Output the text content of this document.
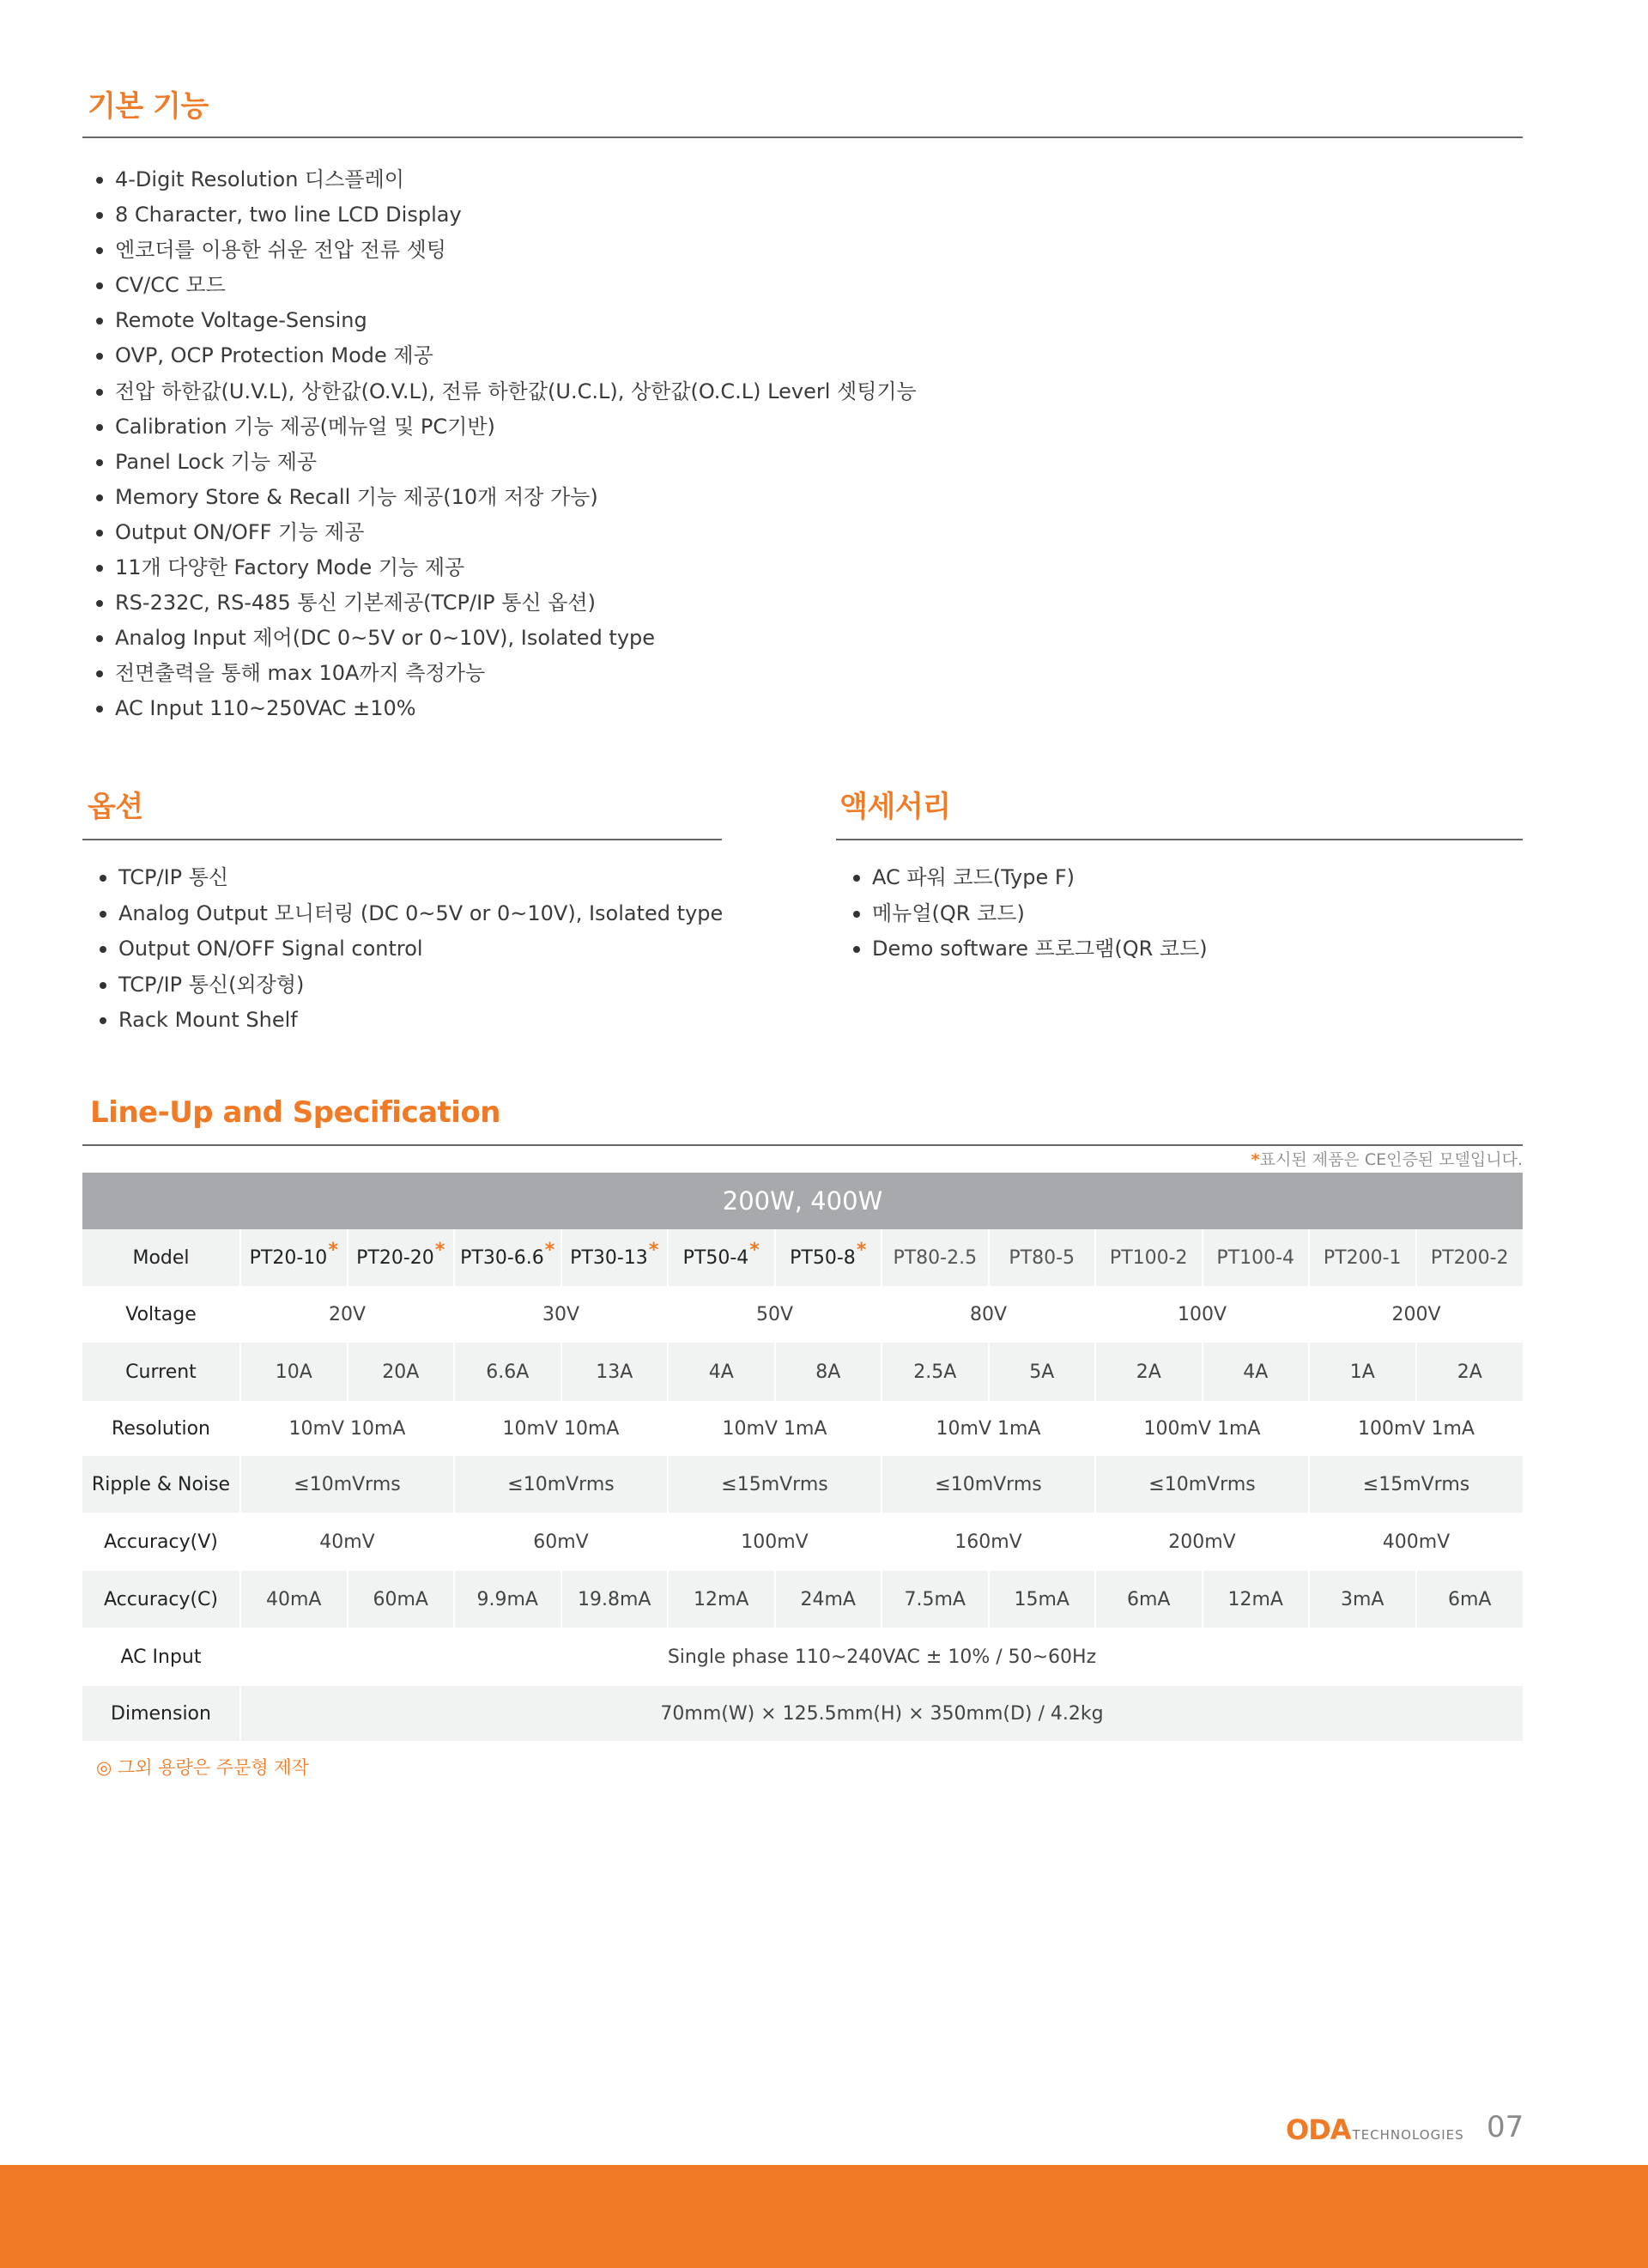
기본 기능
4-Digit Resolution 디스플레이
8 Character, two line LCD Display
엔코더를 이용한 쉬운 전압 전류 셋팅
CV/CC 모드
Remote Voltage-Sensing
OVP, OCP Protection Mode 제공
전압 하한값(U.V.L), 상한값(O.V.L), 전류 하한값(U.C.L), 상한값(O.C.L) Leverl 셋팅기능
Calibration 기능 제공(메뉴얼 및 PC기반)
Panel Lock 기능 제공
Memory Store & Recall 기능 제공(10개 저장 가능)
Output ON/OFF 기능 제공
11개 다양한 Factory Mode 기능 제공
RS-232C, RS-485 통신 기본제공(TCP/IP 통신 옵션)
Analog Input 제어(DC 0~5V or 0~10V), Isolated type
전면출력을 통해 max 10A까지 측정가능
AC Input 110~250VAC ±10%
옵션
TCP/IP 통신
Analog Output 모니터링 (DC 0~5V or 0~10V), Isolated type
Output ON/OFF Signal control
TCP/IP 통신(외장형)
Rack Mount Shelf
액세서리
AC 파워 코드(Type F)
메뉴얼(QR 코드)
Demo software 프로그램(QR 코드)
Line-Up and Specification
*표시된 제품은 CE인증된 모델입니다.
200W, 400W												
Model	PT20-10*	PT20-20*	PT30-6.6*	PT30-13*	PT50-4*	PT50-8*	PT80-2.5	PT80-5	PT100-2	PT100-4	PT200-1	PT200-2
Voltage	20V		30V		50V		80V		100V		200V	
Current	10A	20A	6.6A	13A	4A	8A	2.5A	5A	2A	4A	1A	2A
Resolution	10mV 10mA		10mV 10mA		10mV 1mA		10mV 1mA		100mV 1mA		100mV 1mA	
Ripple & Noise	≤10mVrms		≤10mVrms		≤15mVrms		≤10mVrms		≤10mVrms		≤15mVrms	
Accuracy(V)	40mV		60mV		100mV		160mV		200mV		400mV	
Accuracy(C)	40mA	60mA	9.9mA	19.8mA	12mA	24mA	7.5mA	15mA	6mA	12mA	3mA	6mA
AC Input	Single phase 110~240VAC ± 10% / 50~60Hz											
Dimension	70mm(W) × 125.5mm(H) × 350mm(D) / 4.2kg											
◎ 그외 용량은 주문형 제작
ODA TECHNOLOGIES 07
